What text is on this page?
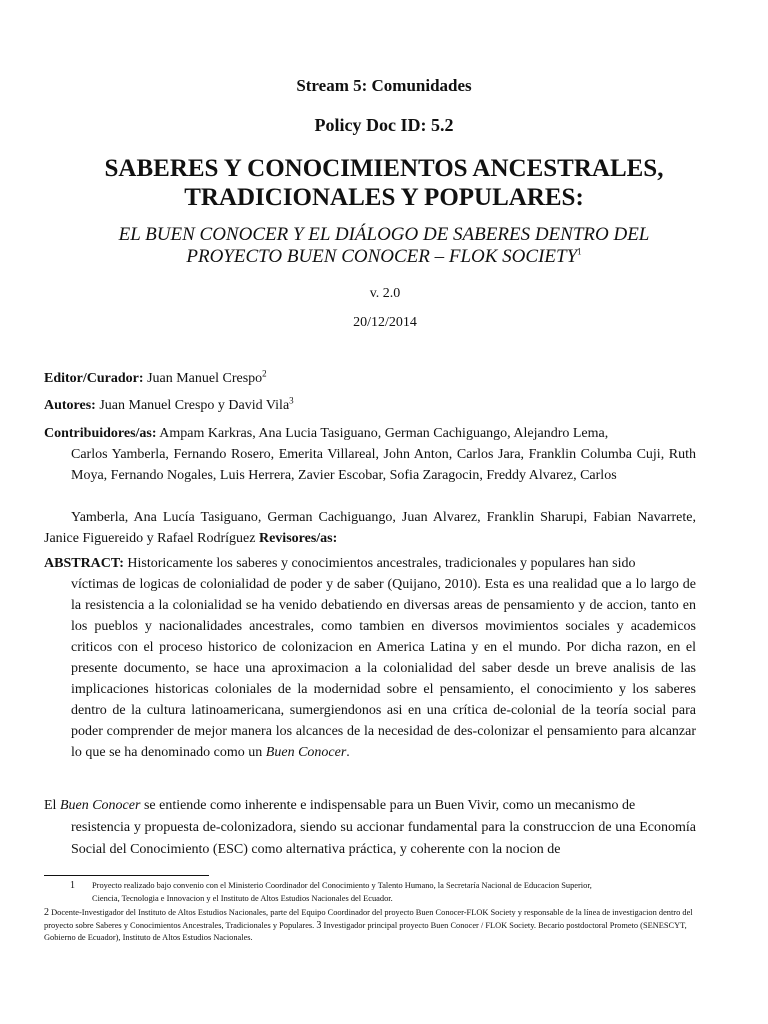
Stream 5: Comunidades
Policy Doc ID: 5.2
SABERES Y CONOCIMIENTOS ANCESTRALES,
TRADICIONALES Y POPULARES:
EL BUEN CONOCER Y EL DIÁLOGO DE SABERES DENTRO DEL
PROYECTO BUEN CONOCER – FLOK SOCIETY$^1$
v. 2.0
20/12/2014
Editor/Curador: Juan Manuel Crespo$^2$
Autores: Juan Manuel Crespo y David Vila$^3$
Contribuidores/as: Ampam Karkras, Ana Lucia Tasiguano, German Cachiguango, Alejandro Lema,
Carlos Yamberla, Fernando Rosero, Emerita Villareal, John Anton, Carlos Jara, Franklin Columba Cuji, Ruth Moya, Fernando Nogales, Luis Herrera, Zavier Escobar, Sofia Zaragocin, Freddy Alvarez, Carlos
Yamberla, Ana Lucía Tasiguano, German Cachiguango, Juan Alvarez, Franklin Sharupi, Fabian Navarrete, Janice Figuereido y Rafael Rodríguez Revisores/as:
ABSTRACT: Historicamente los saberes y conocimientos ancestrales, tradicionales y populares han sido
víctimas de logicas de colonialidad de poder y de saber (Quijano, 2010). Esta es una realidad que a lo largo de la resistencia a la colonialidad se ha venido debatiendo en diversas areas de pensamiento y de accion, tanto en los pueblos y nacionalidades ancestrales, como tambien en diversos movimientos sociales y academicos criticos con el proceso historico de colonizacion en America Latina y en el mundo. Por dicha razon, en el presente documento, se hace una aproximacion a la colonialidad del saber desde un breve analisis de las implicaciones historicas coloniales de la modernidad sobre el pensamiento, el conocimiento y los saberes dentro de la cultura latinoamericana, sumergiendonos asi en una crítica de-colonial de la teoría social para poder comprender de mejor manera los alcances de la necesidad de des-colonizar el pensamiento para alcanzar lo que se ha denominado como un Buen Conocer.
El Buen Conocer se entiende como inherente e indispensable para un Buen Vivir, como un mecanismo de
resistencia y propuesta de-colonizadora, siendo su accionar fundamental para la construccion de una Economía Social del Conocimiento (ESC) como alternativa práctica, y coherente con la nocion de
1 Proyecto realizado bajo convenio con el Ministerio Coordinador del Conocimiento y Talento Humano, la Secretaría Nacional de Educacion Superior,
Ciencia, Tecnologia e Innovacion y el Instituto de Altos Estudios Nacionales del Ecuador.
2 Docente-Investigador del Instituto de Altos Estudios Nacionales, parte del Equipo Coordinador del proyecto Buen Conocer-FLOK Society y responsable de la línea de investigacion dentro del proyecto sobre Saberes y Conocimientos Ancestrales, Tradicionales y Populares. 3 Investigador principal proyecto Buen Conocer / FLOK Society. Becario postdoctoral Prometo (SENESCYT, Gobierno de Ecuador), Instituto de Altos Estudios Nacionales.
